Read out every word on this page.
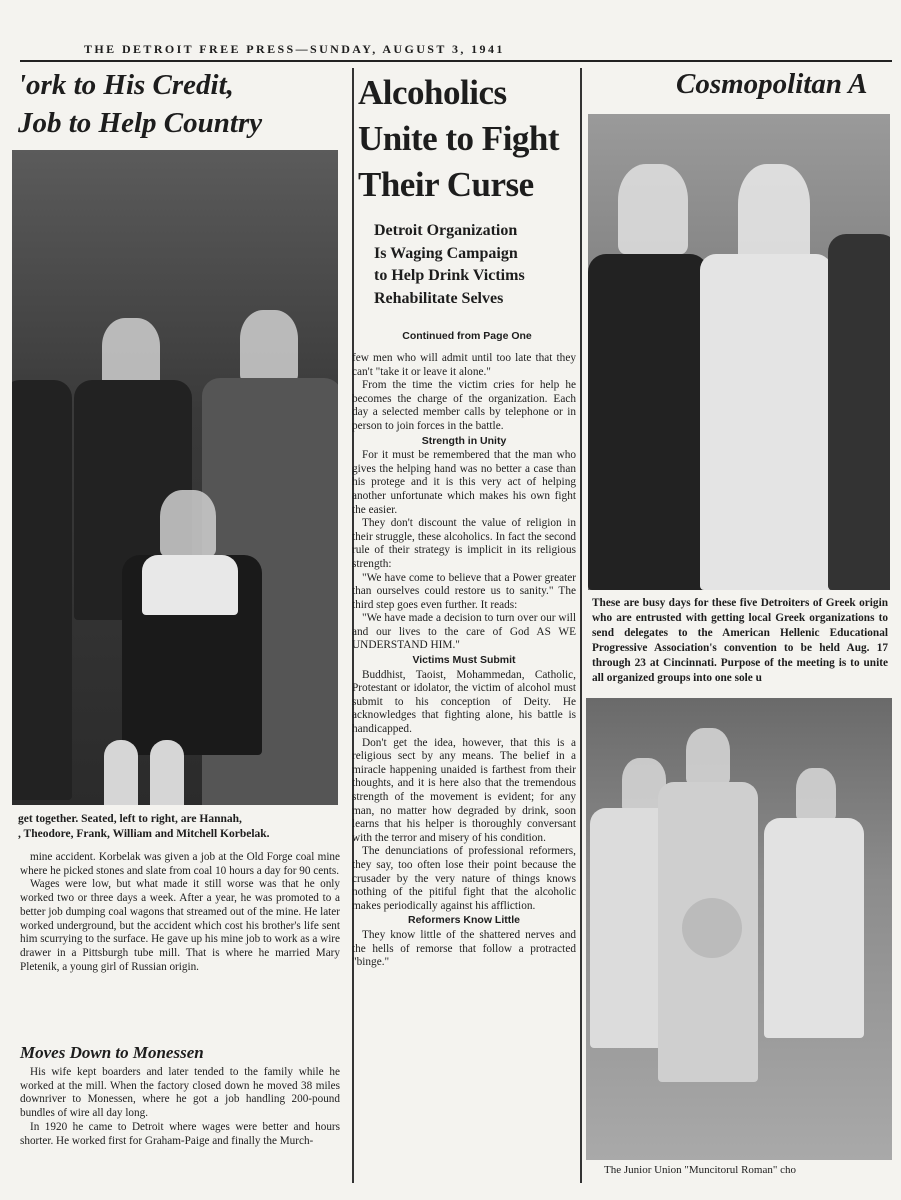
THE DETROIT FREE PRESS—SUNDAY, AUGUST 3, 1941
'ork to His Credit,
Job to Help Country
get together. Seated, left to right, are Hannah,
, Theodore, Frank, William and Mitchell Korbelak.

mine accident. Korbelak was given a job at the Old Forge coal mine where he picked stones and slate from coal 10 hours a day for 90 cents.

Wages were low, but what made it still worse was that he only worked two or three days a week. After a year, he was promoted to a better job dumping coal wagons that streamed out of the mine. He later worked underground, but the accident which cost his brother's life sent him scurrying to the surface. He gave up his mine job to work as a wire drawer in a Pittsburgh tube mill. That is where he married Mary Pletenik, a young girl of Russian origin.

Moves Down to Monessen

His wife kept boarders and later tended to the family while he worked at the mill. When the factory closed down he moved 38 miles downriver to Monessen, where he got a job handling 200-pound bundles of wire all day long.

In 1920 he came to Detroit where wages were better and hours shorter. He worked first for Graham-Paige and finally the Murch-

Alcoholics
Unite to Fight
Their Curse
Detroit Organization
Is Waging Campaign
to Help Drink Victims
Rehabilitate Selves
Continued from Page One

few men who will admit until too late that they can't "take it or leave it alone."

From the time the victim cries for help he becomes the charge of the organization. Each day a selected member calls by telephone or in person to join forces in the battle.

Strength in Unity

For it must be remembered that the man who gives the helping hand was no better a case than his protege and it is this very act of helping another unfortunate which makes his own fight the easier.

They don't discount the value of religion in their struggle, these alcoholics. In fact the second rule of their strategy is implicit in its religious strength:

"We have come to believe that a Power greater than ourselves could restore us to sanity." The third step goes even further. It reads:

"We have made a decision to turn over our will and our lives to the care of God AS WE UNDERSTAND HIM."

Victims Must Submit

Buddhist, Taoist, Mohammedan, Catholic, Protestant or idolator, the victim of alcohol must submit to his conception of Deity. He acknowledges that fighting alone, his battle is handicapped.

Don't get the idea, however, that this is a religious sect by any means. The belief in a miracle happening unaided is farthest from their thoughts, and it is here also that the tremendous strength of the movement is evident; for any man, no matter how degraded by drink, soon learns that his helper is thoroughly conversant with the terror and misery of his condition.

The denunciations of professional reformers, they say, too often lose their point because the crusader by the very nature of things knows nothing of the pitiful fight that the alcoholic makes periodically against his affliction.

Reformers Know Little

They know little of the shattered nerves and the hells of remorse that follow a protracted "binge."

Cosmopolitan A
These are busy days for these five Detroiters of Greek origin who are entrusted with getting local Greek organizations to send delegates to the American Hellenic Educational Progressive Association's convention to be held Aug. 17 through 23 at Cincinnati. Purpose of the meeting is to unite all organized groups into one sole u
The Junior Union "Muncitorul Roman" cho
